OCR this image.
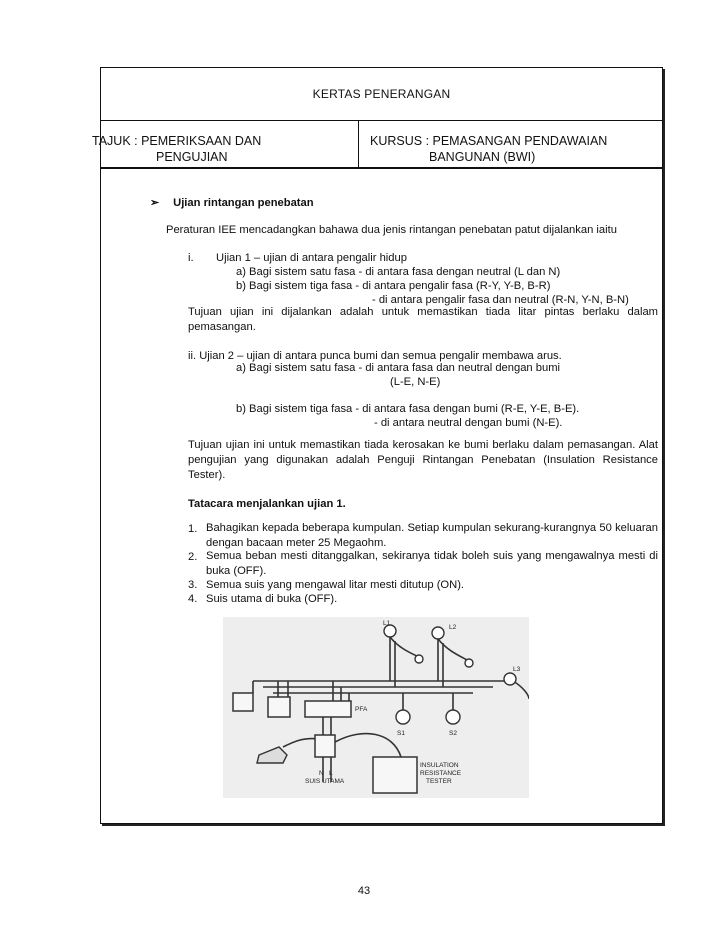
KERTAS PENERANGAN
TAJUK : PEMERIKSAAN DAN
PENGUJIAN
KURSUS : PEMASANGAN PENDAWAIAN
BANGUNAN (BWI)
➢ Ujian rintangan penebatan
Peraturan IEE mencadangkan bahawa dua jenis rintangan penebatan patut dijalankan iaitu
i. Ujian 1 – ujian di antara pengalir hidup
a) Bagi sistem satu fasa - di antara fasa dengan neutral (L dan N)
b) Bagi sistem tiga fasa - di antara pengalir fasa (R-Y, Y-B, B-R)
- di antara pengalir fasa dan neutral (R-N, Y-N, B-N)
Tujuan ujian ini dijalankan adalah untuk memastikan tiada litar pintas berlaku dalam pemasangan.
ii. Ujian 2 – ujian di antara punca bumi dan semua pengalir membawa arus.
a) Bagi sistem satu fasa - di antara fasa dan neutral dengan bumi
(L-E, N-E)
b) Bagi sistem tiga fasa - di antara fasa dengan bumi (R-E, Y-E, B-E).
- di antara neutral dengan bumi (N-E).
Tujuan ujian ini untuk memastikan tiada kerosakan ke bumi berlaku dalam pemasangan. Alat pengujian yang digunakan adalah Penguji Rintangan Penebatan (Insulation Resistance Tester).
Tatacara menjalankan ujian 1.
1. Bahagikan kepada beberapa kumpulan. Setiap kumpulan sekurang-kurangnya 50 keluaran dengan bacaan meter 25 Megaohm.
2. Semua beban mesti ditanggalkan, sekiranya tidak boleh suis yang mengawalnya mesti di buka (OFF).
3. Semua suis yang mengawal litar mesti ditutup (ON).
4. Suis utama di buka (OFF).
L1
L2
L3
PFA
S1	S2
N L
SUIS UTAMA
INSULATION
RESISTANCE
TESTER
43
